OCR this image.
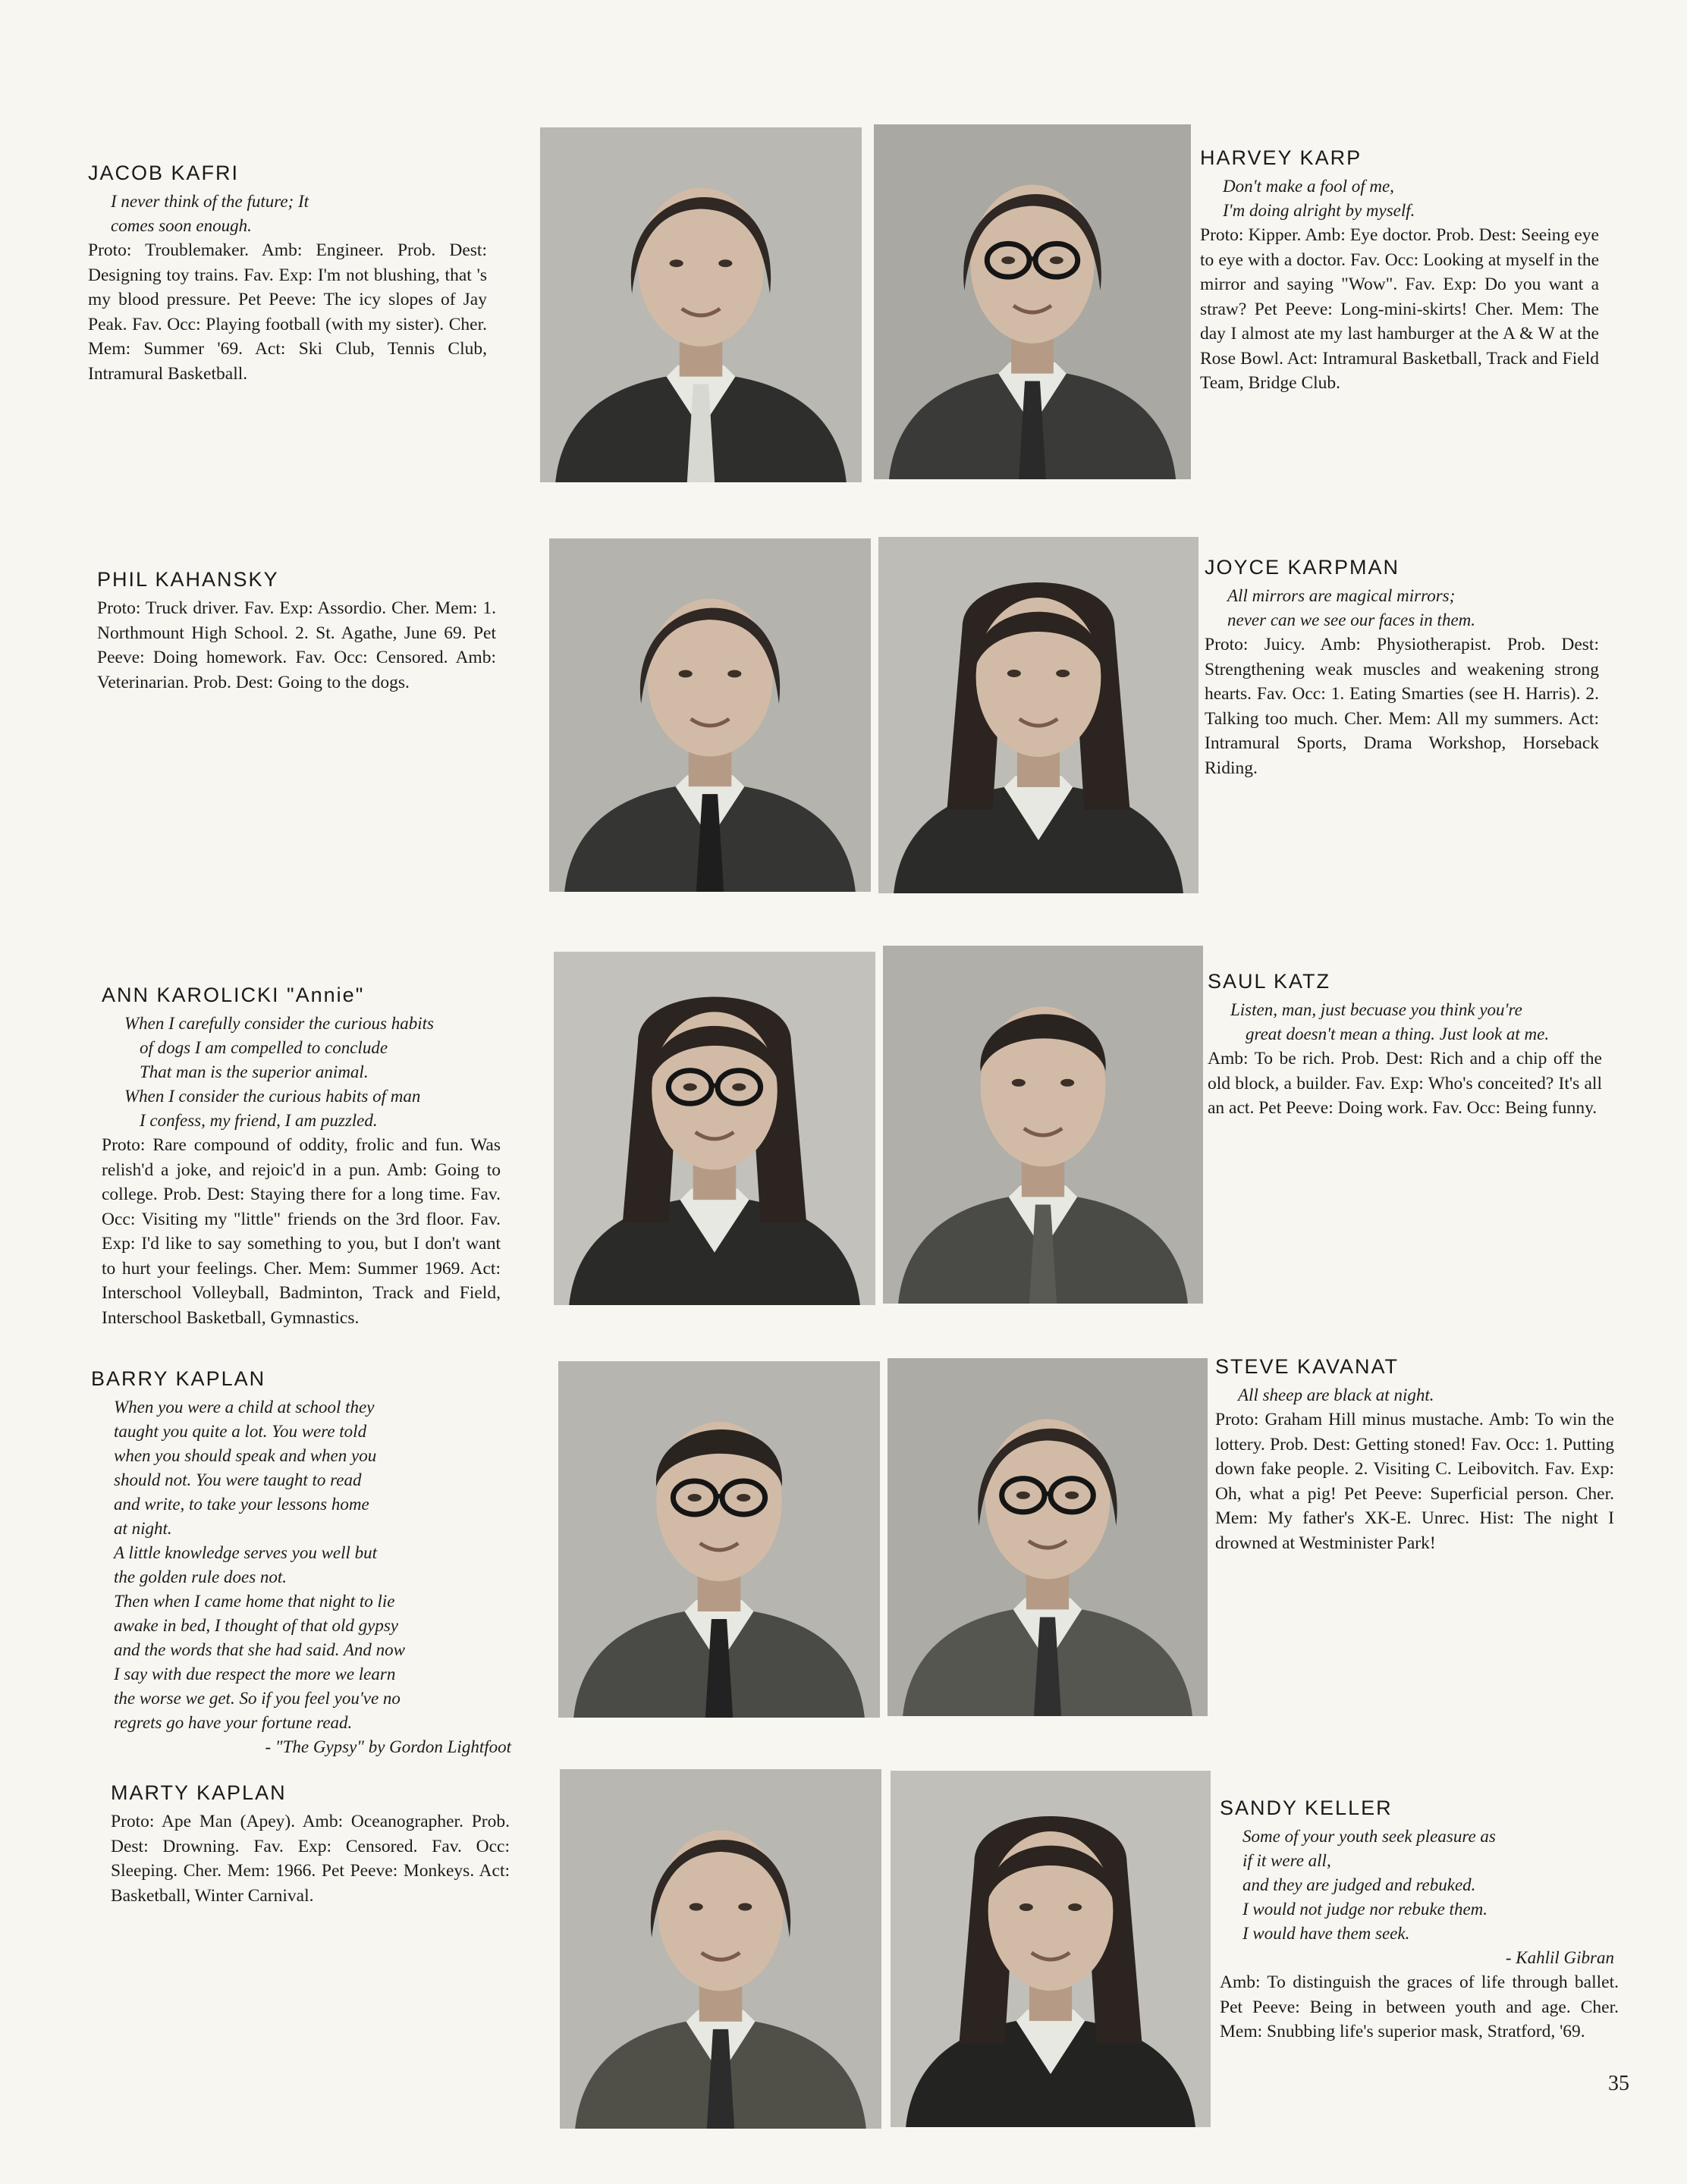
JACOB KAFRI
I never think of the future; It
comes soon enough.

Proto: Troublemaker. Amb: Engineer. Prob. Dest: Designing toy trains. Fav. Exp: I'm not blushing, that 's my blood pressure. Pet Peeve: The icy slopes of Jay Peak. Fav. Occ: Playing football (with my sister). Cher. Mem: Summer '69. Act: Ski Club, Tennis Club, Intramural Basketball.

HARVEY KARP
Don't make a fool of me,
I'm doing alright by myself.

Proto: Kipper. Amb: Eye doctor. Prob. Dest: Seeing eye to eye with a doctor. Fav. Occ: Looking at myself in the mirror and saying "Wow". Fav. Exp: Do you want a straw? Pet Peeve: Long-mini-skirts! Cher. Mem: The day I almost ate my last hamburger at the A & W at the Rose Bowl. Act: Intramural Basketball, Track and Field Team, Bridge Club.

PHIL KAHANSKY

Proto: Truck driver. Fav. Exp: Assordio. Cher. Mem: 1. Northmount High School. 2. St. Agathe, June 69. Pet Peeve: Doing homework. Fav. Occ: Censored. Amb: Veterinarian. Prob. Dest: Going to the dogs.

JOYCE KARPMAN
All mirrors are magical mirrors;
never can we see our faces in them.

Proto: Juicy. Amb: Physiotherapist. Prob. Dest: Strengthening weak muscles and weakening strong hearts. Fav. Occ: 1. Eating Smarties (see H. Harris). 2. Talking too much. Cher. Mem: All my summers. Act: Intramural Sports, Drama Workshop, Horseback Riding.

ANN KAROLICKI "Annie"
When I carefully consider the curious habits
of dogs I am compelled to conclude
That man is the superior animal.
When I consider the curious habits of man
I confess, my friend, I am puzzled.

Proto: Rare compound of oddity, frolic and fun. Was relish'd a joke, and rejoic'd in a pun. Amb: Going to college. Prob. Dest: Staying there for a long time. Fav. Occ: Visiting my "little" friends on the 3rd floor. Fav. Exp: I'd like to say something to you, but I don't want to hurt your feelings. Cher. Mem: Summer 1969. Act: Interschool Volleyball, Badminton, Track and Field, Interschool Basketball, Gymnastics.

SAUL KATZ
Listen, man, just becuase you think you're
great doesn't mean a thing. Just look at me.

Amb: To be rich. Prob. Dest: Rich and a chip off the old block, a builder. Fav. Exp: Who's conceited? It's all an act. Pet Peeve: Doing work. Fav. Occ: Being funny.

BARRY KAPLAN
When you were a child at school they
taught you quite a lot. You were told
when you should speak and when you
should not. You were taught to read
and write, to take your lessons home
at night.
A little knowledge serves you well but
the golden rule does not.
Then when I came home that night to lie
awake in bed, I thought of that old gypsy
and the words that she had said. And now
I say with due respect the more we learn
the worse we get. So if you feel you've no
regrets go have your fortune read.
- "The Gypsy" by Gordon Lightfoot
STEVE KAVANAT
All sheep are black at night.

Proto: Graham Hill minus mustache. Amb: To win the lottery. Prob. Dest: Getting stoned! Fav. Occ: 1. Putting down fake people. 2. Visiting C. Leibovitch. Fav. Exp: Oh, what a pig! Pet Peeve: Superficial person. Cher. Mem: My father's XK-E. Unrec. Hist: The night I drowned at Westminister Park!

MARTY KAPLAN

Proto: Ape Man (Apey). Amb: Oceanographer. Prob. Dest: Drowning. Fav. Exp: Censored. Fav. Occ: Sleeping. Cher. Mem: 1966. Pet Peeve: Monkeys. Act: Basketball, Winter Carnival.

SANDY KELLER
Some of your youth seek pleasure as
if it were all,
and they are judged and rebuked.
I would not judge nor rebuke them.
I would have them seek.
- Kahlil Gibran

Amb: To distinguish the graces of life through ballet. Pet Peeve: Being in between youth and age. Cher. Mem: Snubbing life's superior mask, Stratford, '69.

35
